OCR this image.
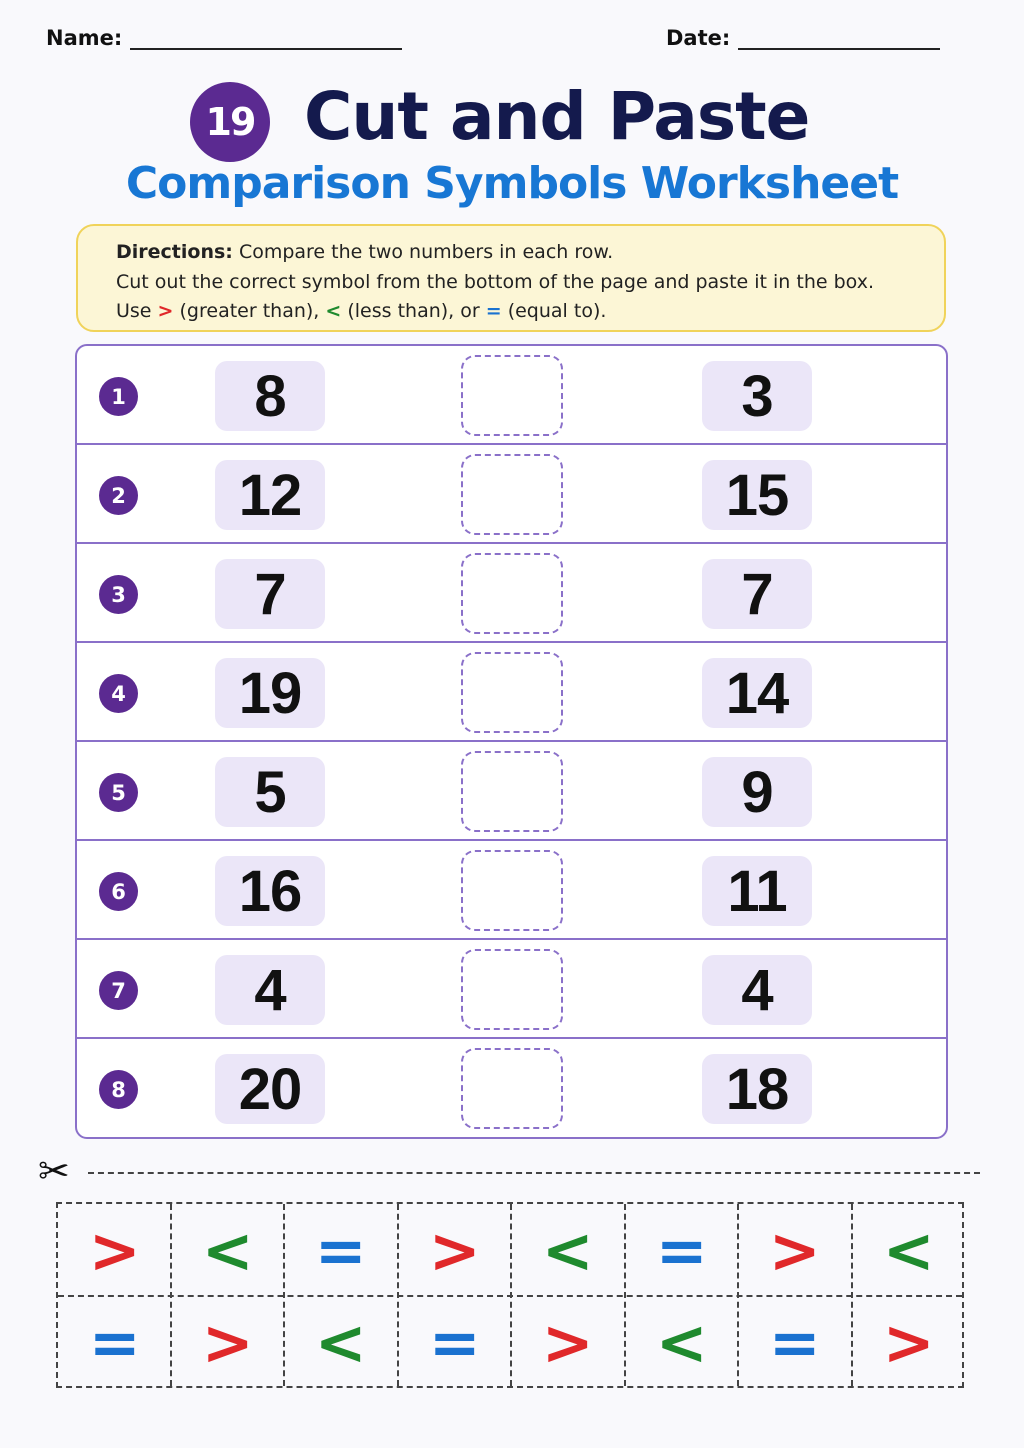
Name:	Date:
19 Cut and Paste
Comparison Symbols Worksheet
Directions: Compare the two numbers in each row.
Cut out the correct symbol from the bottom of the page and paste it in the box.
Use > (greater than), < (less than), or = (equal to).
1	8	3
2	12	15
3	7	7
4	19	14
5	5	9
6	16	11
7	4	4
8	20	18
✂
> < =	> <	= >	<
= > <	= >	< =	>
